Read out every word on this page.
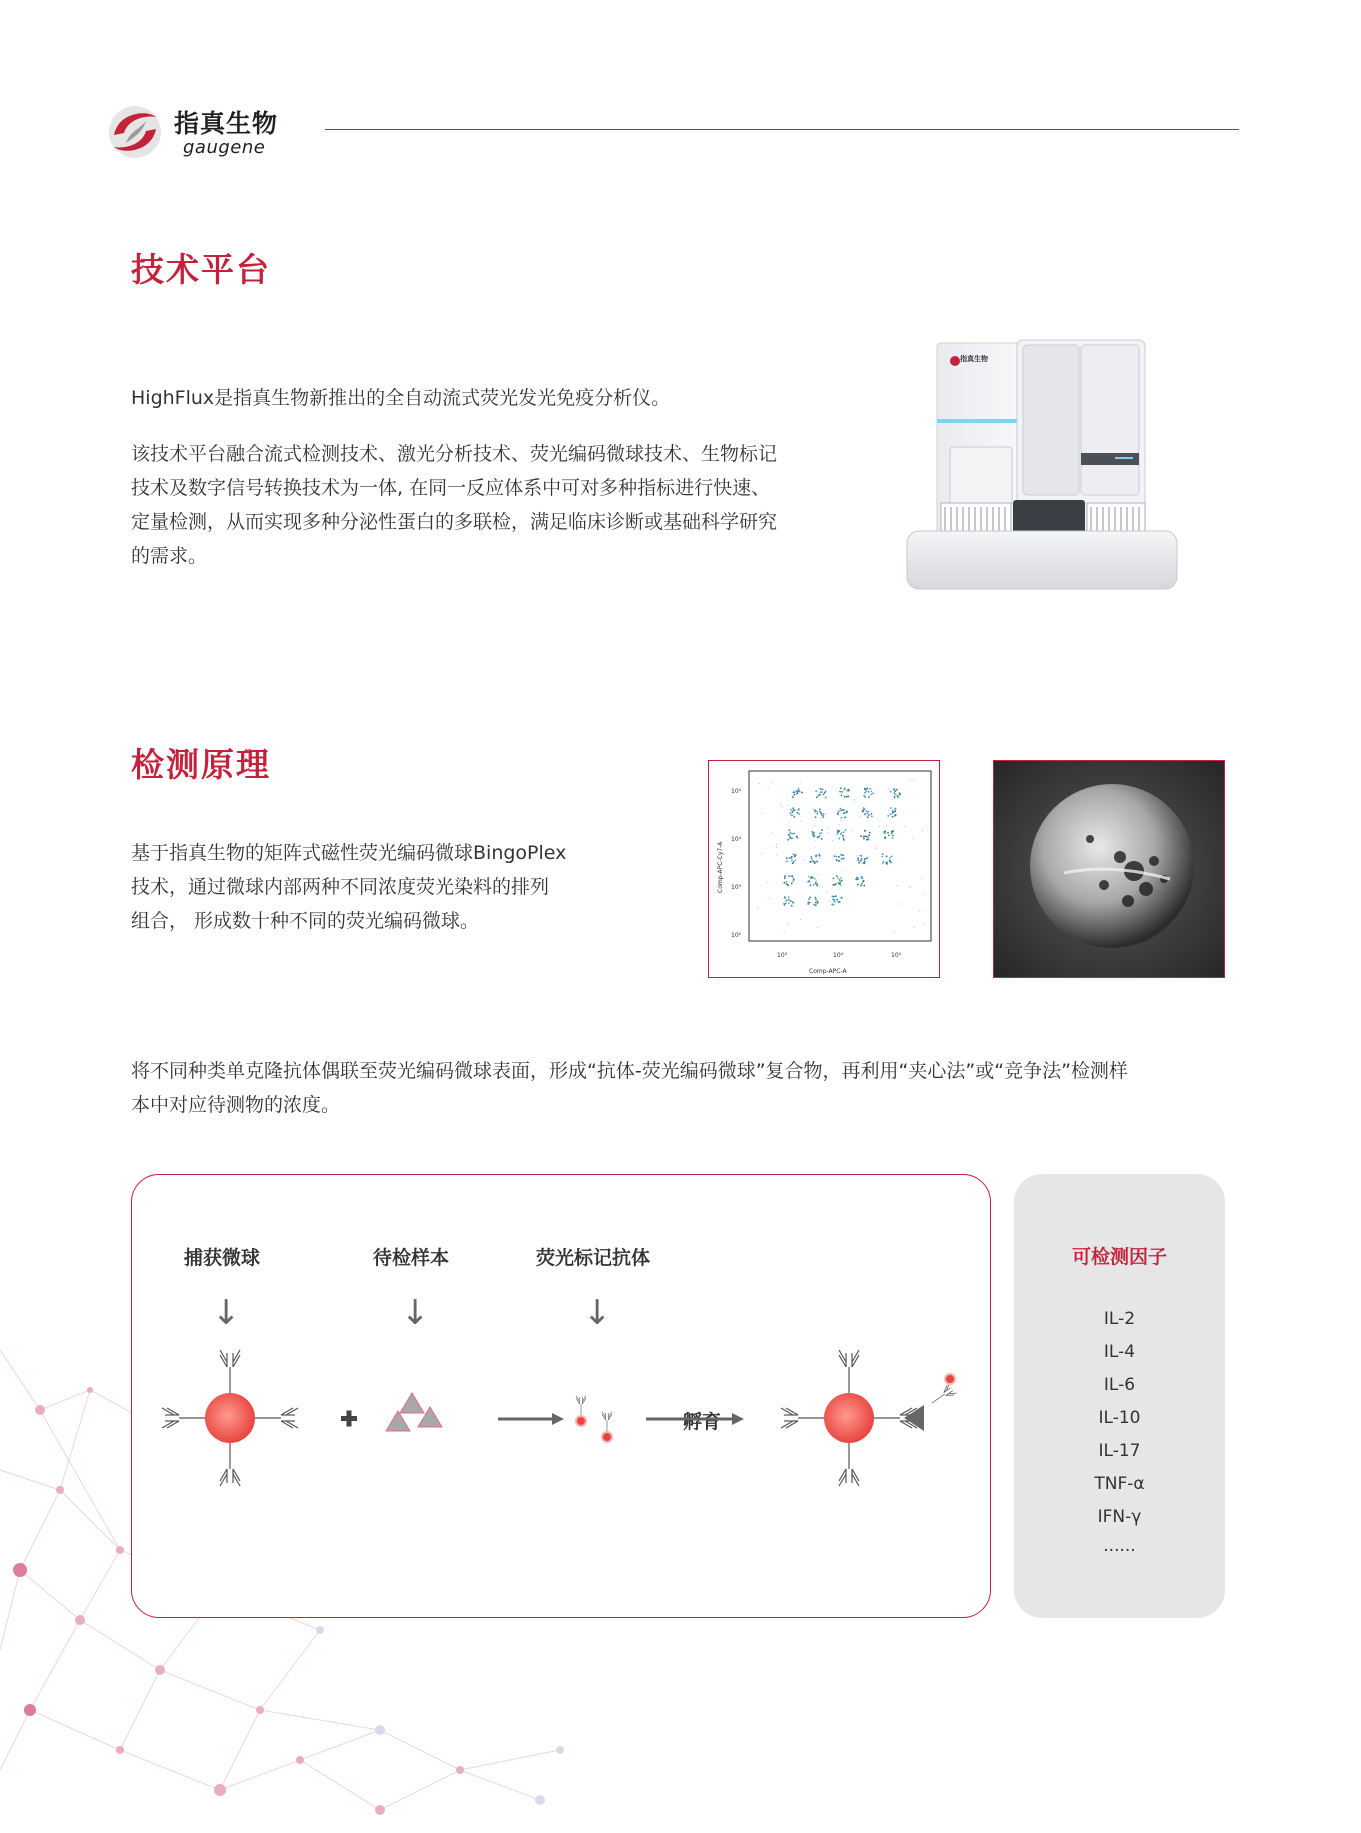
指真生物
gaugene
技术平台
HighFlux是指真生物新推出的全自动流式荧光发光免疫分析仪。
该技术平台融合流式检测技术、激光分析技术、荧光编码微球技术、生物标记
技术及数字信号转换技术为一体, 在同一反应体系中可对多种指标进行快速、
定量检测，从而实现多种分泌性蛋白的多联检，满足临床诊断或基础科学研究
的需求。
指真生物
检测原理
基于指真生物的矩阵式磁性荧光编码微球BingoPlex
技术，通过微球内部两种不同浓度荧光染料的排列
组合， 形成数十种不同的荧光编码微球。
10²
10³
10⁴
10⁵
10³	10⁴	10⁵
Comp-APC-A
Comp-APC-Cy7-A
将不同种类单克隆抗体偶联至荧光编码微球表面，形成“抗体-荧光编码微球”复合物，再利用“夹心法”或“竞争法”检测样
本中对应待测物的浓度。
捕获微球	待检样本	荧光标记抗体
↓	↓	↓
孵育
可检测因子
IL-2
IL-4
IL-6
IL-10
IL-17
TNF-α
IFN-γ
......
